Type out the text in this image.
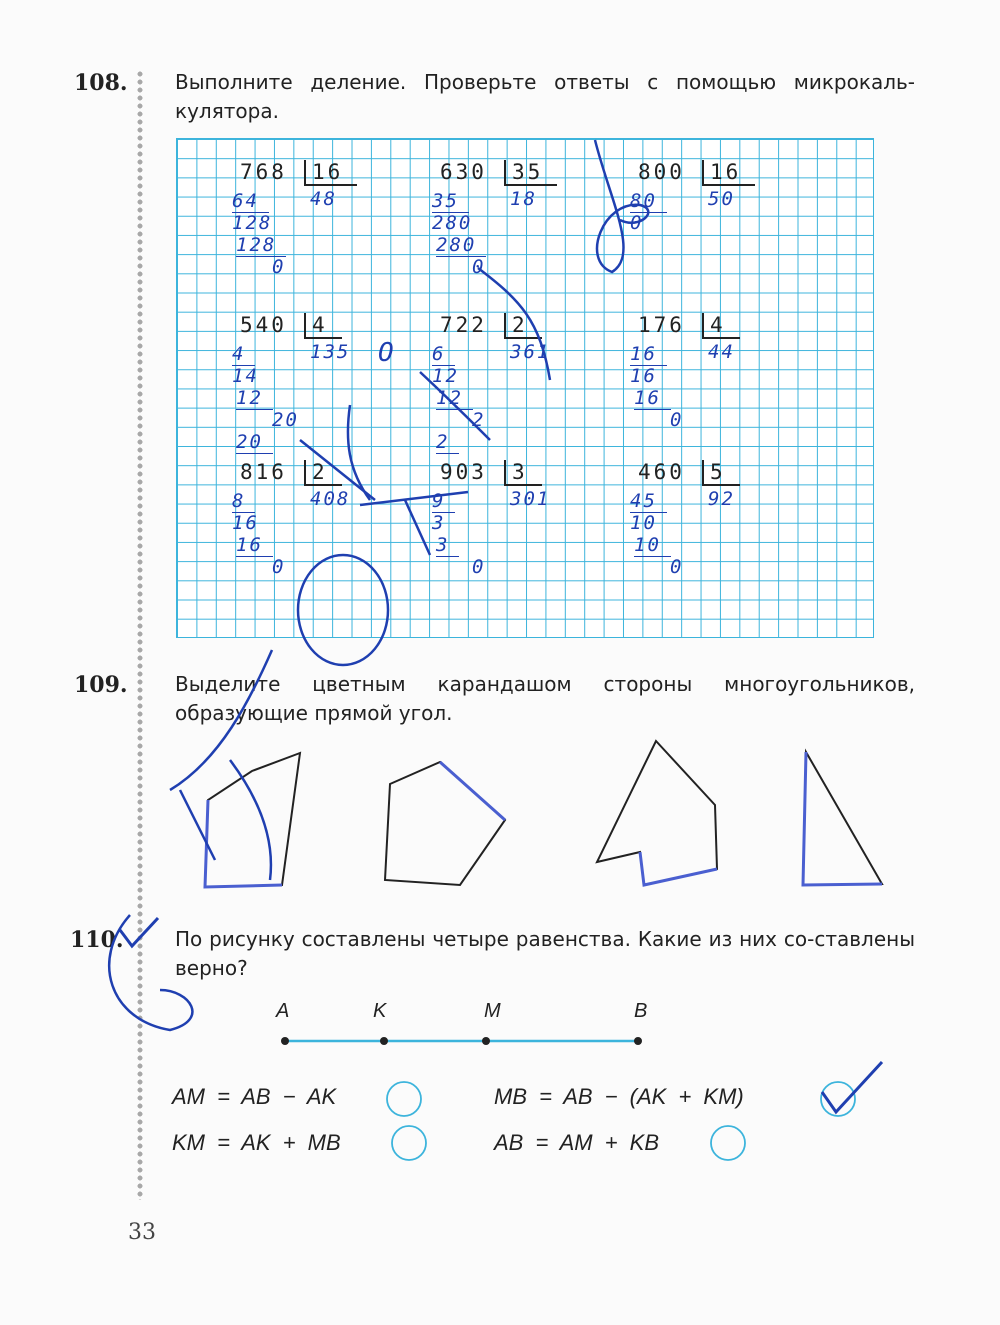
108. Выполните деление. Проверьте ответы с помощью микрокаль-кулятора.
768	16
48
64
128
128
0
630	35
18
35
280
280
0
800	16
50
80
0
540	4
135
4
14
12
20
20
722	2
361
6
12
12
2
2
176	4
44
16
16
16
0
816	2
408
8
16
16
0
903	3
301
9
3
3
0
460	5
92
45
10
10
0
O
109. Выделите цветным карандашом стороны многоугольников, образующие прямой угол.
110.	По рисунку составлены четыре равенства. Какие из них со-ставлены верно?
A	K	M	B
AM = AB − AK	MB = AB − (AK + KM)
KM = AK + MB	AB = AM + KB
33
